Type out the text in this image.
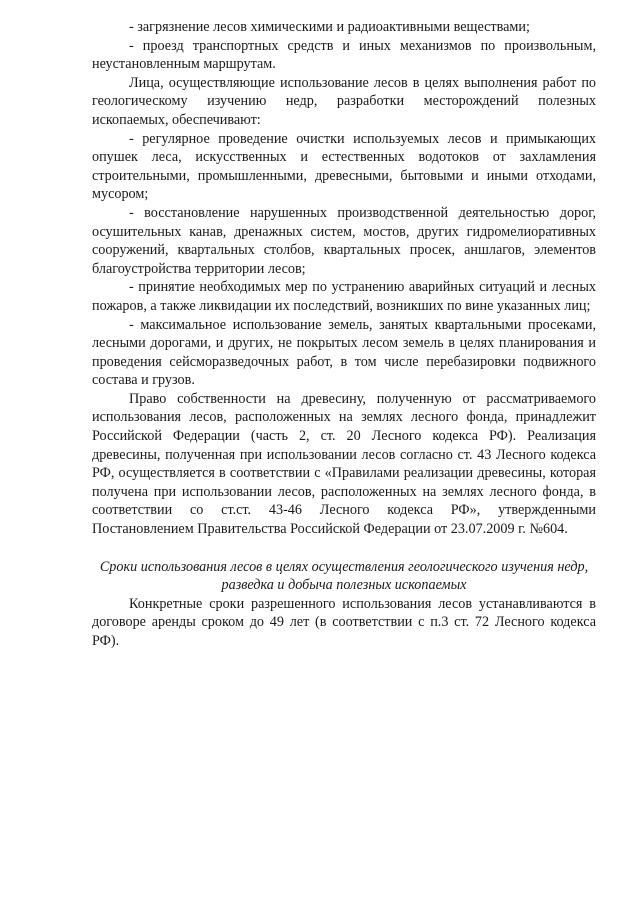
- загрязнение лесов химическими и радиоактивными веществами;

- проезд транспортных средств и иных механизмов по произвольным, неустановленным маршрутам.

Лица, осуществляющие использование лесов в целях выполнения работ по геологическому изучению недр, разработки месторождений полезных ископаемых, обеспечивают:

- регулярное проведение очистки используемых лесов и примыкающих опушек леса, искусственных и естественных водотоков от захламления строительными, промышленными, древесными, бытовыми и иными отходами, мусором;

- восстановление нарушенных производственной деятельностью дорог, осушительных канав, дренажных систем, мостов, других гидромелиоративных сооружений, квартальных столбов, квартальных просек, аншлагов, элементов благоустройства территории лесов;

- принятие необходимых мер по устранению аварийных ситуаций и лесных пожаров, а также ликвидации их последствий, возникших по вине указанных лиц;

- максимальное использование земель, занятых квартальными просеками, лесными дорогами, и других, не покрытых лесом земель в целях планирования и проведения сейсморазведочных работ, в том числе перебазировки подвижного состава и грузов.

Право собственности на древесину, полученную от рассматриваемого использования лесов, расположенных на землях лесного фонда, принадлежит Российской Федерации (часть 2, ст. 20 Лесного кодекса РФ). Реализация древесины, полученная при использовании лесов согласно ст. 43 Лесного кодекса РФ, осуществляется в соответствии с «Правилами реализации древесины, которая получена при использовании лесов, расположенных на землях лесного фонда, в соответствии со ст.ст. 43-46 Лесного кодекса РФ», утвержденными Постановлением Правительства Российской Федерации от 23.07.2009 г. №604.

Сроки использования лесов в целях осуществления геологического изучения недр, разведка и добыча полезных ископаемых

Конкретные сроки разрешенного использования лесов устанавливаются в договоре аренды сроком до 49 лет (в соответствии с п.3 ст. 72 Лесного кодекса РФ).
